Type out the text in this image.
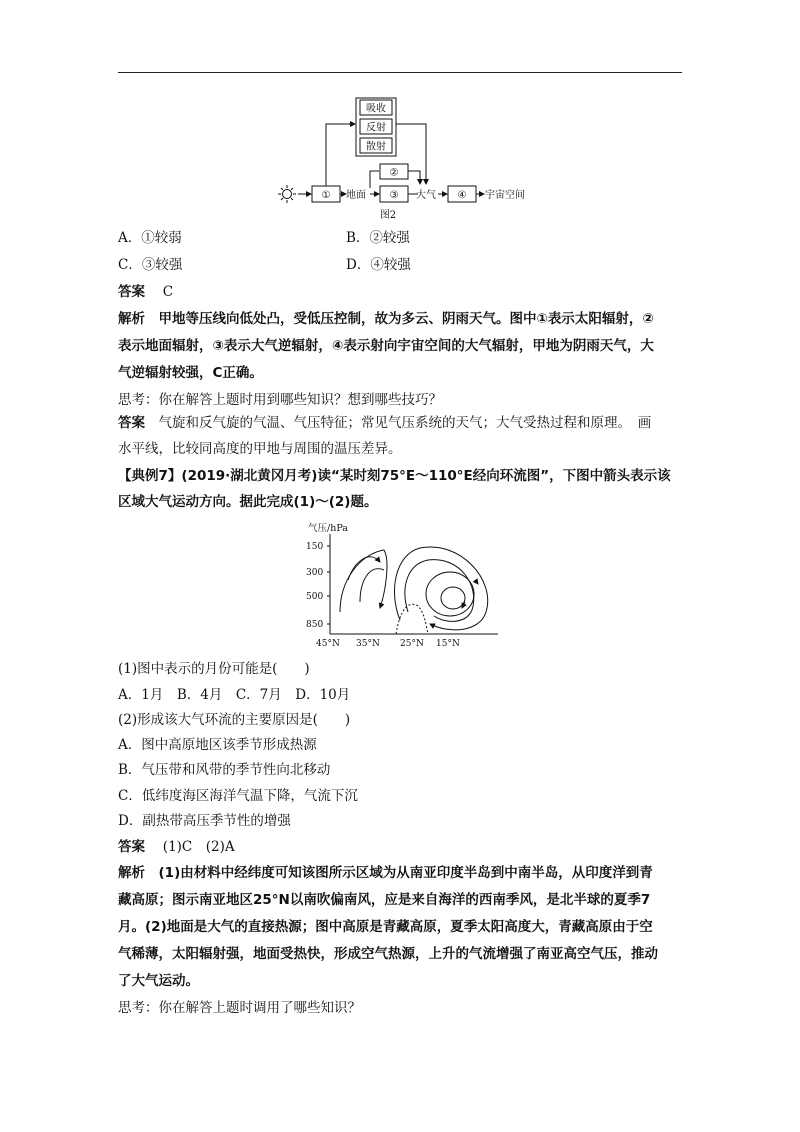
吸收
反射
散射
②
①	③	④
地面	大气	宇宙空间
图2
A．①较弱	B．②较强
C．③较强	D．④较强
答案　 C
解析　 甲地等压线向低处凸，受低压控制，故为多云、阴雨天气。图中①表示太阳辐射，②
表示地面辐射，③表示大气逆辐射，④表示射向宇宙空间的大气辐射，甲地为阴雨天气，大
气逆辐射较强，C正确。
思考：你在解答上题时用到哪些知识？想到哪些技巧？
答案　 气旋和反气旋的气温、气压特征；常见气压系统的天气；大气受热过程和原理。　画
水平线，比较同高度的甲地与周围的温压差异。
【典例7】(2019·湖北黄冈月考)读“某时刻75°E～110°E经向环流图”，下图中箭头表示该
区域大气运动方向。据此完成(1)～(2)题。
气压/hPa
150
300
500
850
45°N 35°N 25°N 15°N
(1)图中表示的月份可能是(　　)
A．1月　B．4月　C．7月　D．10月
(2)形成该大气环流的主要原因是(　　)
A．图中高原地区该季节形成热源
B．气压带和风带的季节性向北移动
C．低纬度海区海洋气温下降，气流下沉
D．副热带高压季节性的增强
答案　 (1)C　(2)A
解析　 (1)由材料中经纬度可知该图所示区域为从南亚印度半岛到中南半岛，从印度洋到青
藏高原；图示南亚地区25°N以南吹偏南风，应是来自海洋的西南季风，是北半球的夏季7
月。(2)地面是大气的直接热源；图中高原是青藏高原，夏季太阳高度大，青藏高原由于空
气稀薄，太阳辐射强，地面受热快，形成空气热源，上升的气流增强了南亚高空气压，推动
了大气运动。
思考：你在解答上题时调用了哪些知识？
